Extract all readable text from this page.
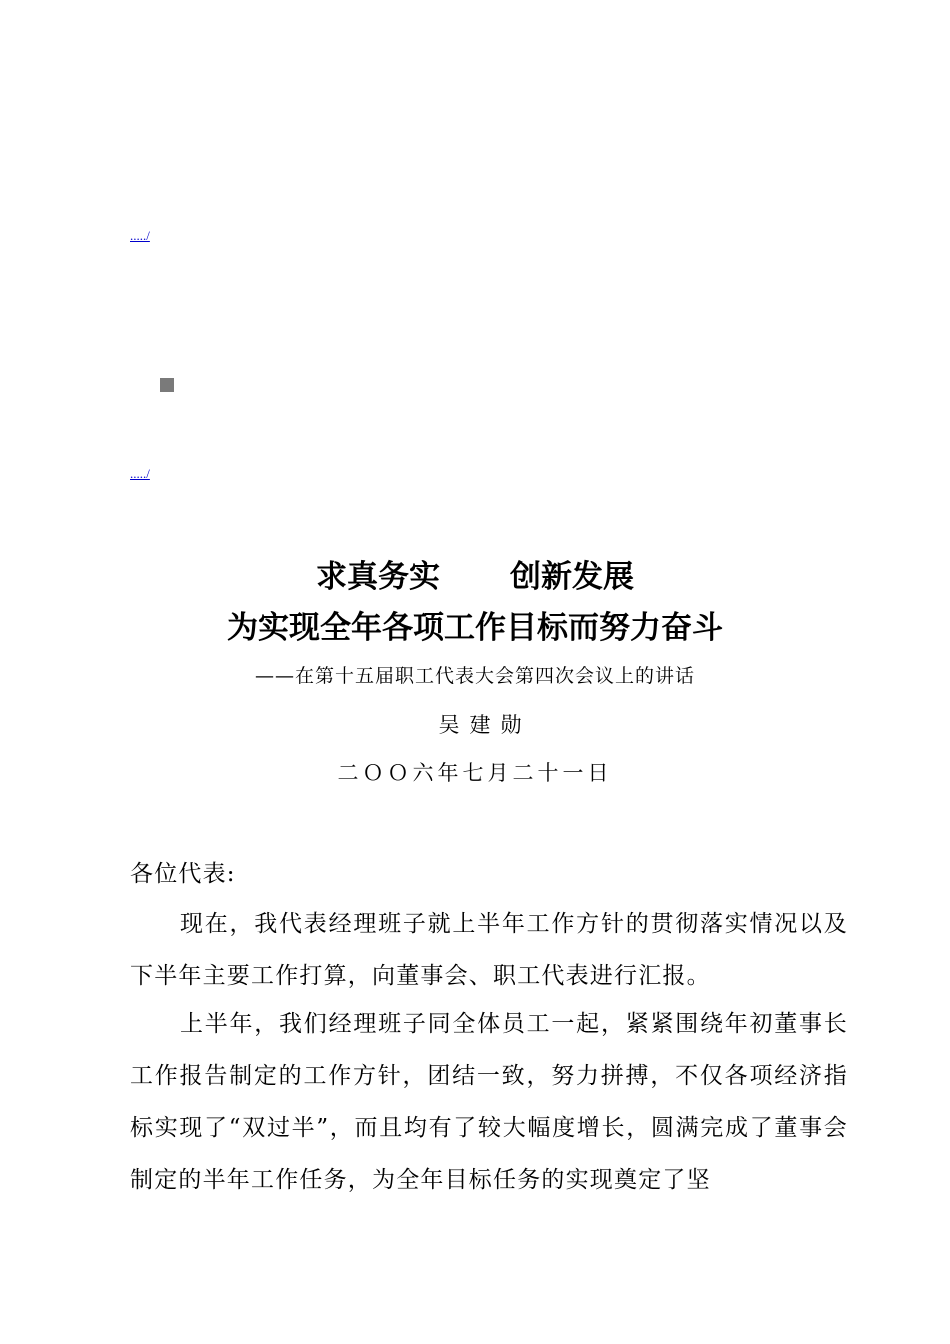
...../
...../
求真务实 创新发展
为实现全年各项工作目标而努力奋斗
——在第十五届职工代表大会第四次会议上的讲话
吴建勋
二ＯＯ六年七月二十一日
各位代表:
现在，我代表经理班子就上半年工作方针的贯彻落实情况以及下半年主要工作打算，向董事会、职工代表进行汇报。
上半年，我们经理班子同全体员工一起，紧紧围绕年初董事长工作报告制定的工作方针，团结一致，努力拼搏，不仅各项经济指标实现了“双过半”，而且均有了较大幅度增长，圆满完成了董事会制定的半年工作任务，为全年目标任务的实现奠定了坚
